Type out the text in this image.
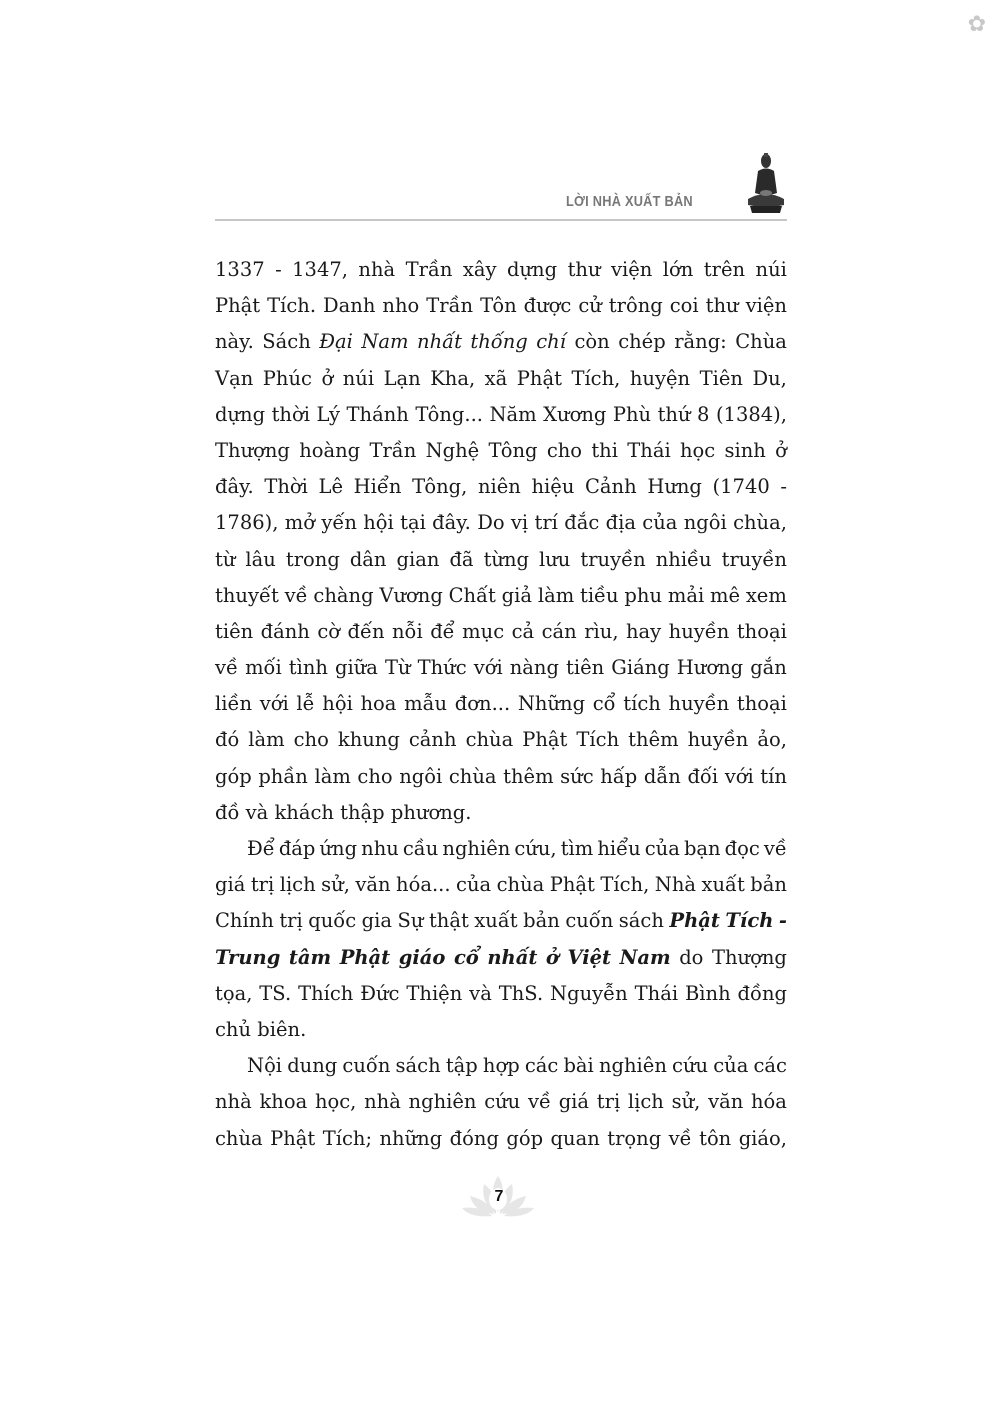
✿
LỜI NHÀ XUẤT BẢN
1337 - 1347, nhà Trần xây dựng thư viện lớn trên núi
Phật Tích. Danh nho Trần Tôn được cử trông coi thư viện
này. Sách Đại Nam nhất thống chí còn chép rằng: Chùa
Vạn Phúc ở núi Lạn Kha, xã Phật Tích, huyện Tiên Du,
dựng thời Lý Thánh Tông... Năm Xương Phù thứ 8 (1384),
Thượng hoàng Trần Nghệ Tông cho thi Thái học sinh ở
đây. Thời Lê Hiển Tông, niên hiệu Cảnh Hưng (1740 -
1786), mở yến hội tại đây. Do vị trí đắc địa của ngôi chùa,
từ lâu trong dân gian đã từng lưu truyền nhiều truyền
thuyết về chàng Vương Chất giả làm tiều phu mải mê xem
tiên đánh cờ đến nỗi để mục cả cán rìu, hay huyền thoại
về mối tình giữa Từ Thức với nàng tiên Giáng Hương gắn
liền với lễ hội hoa mẫu đơn... Những cổ tích huyền thoại
đó làm cho khung cảnh chùa Phật Tích thêm huyền ảo,
góp phần làm cho ngôi chùa thêm sức hấp dẫn đối với tín
đồ và khách thập phương.
Để đáp ứng nhu cầu nghiên cứu, tìm hiểu của bạn đọc về
giá trị lịch sử, văn hóa... của chùa Phật Tích, Nhà xuất bản
Chính trị quốc gia Sự thật xuất bản cuốn sách Phật Tích -
Trung tâm Phật giáo cổ nhất ở Việt Nam do Thượng
tọa, TS. Thích Đức Thiện và ThS. Nguyễn Thái Bình đồng
chủ biên.
Nội dung cuốn sách tập hợp các bài nghiên cứu của các
nhà khoa học, nhà nghiên cứu về giá trị lịch sử, văn hóa
chùa Phật Tích; những đóng góp quan trọng về tôn giáo,
7
